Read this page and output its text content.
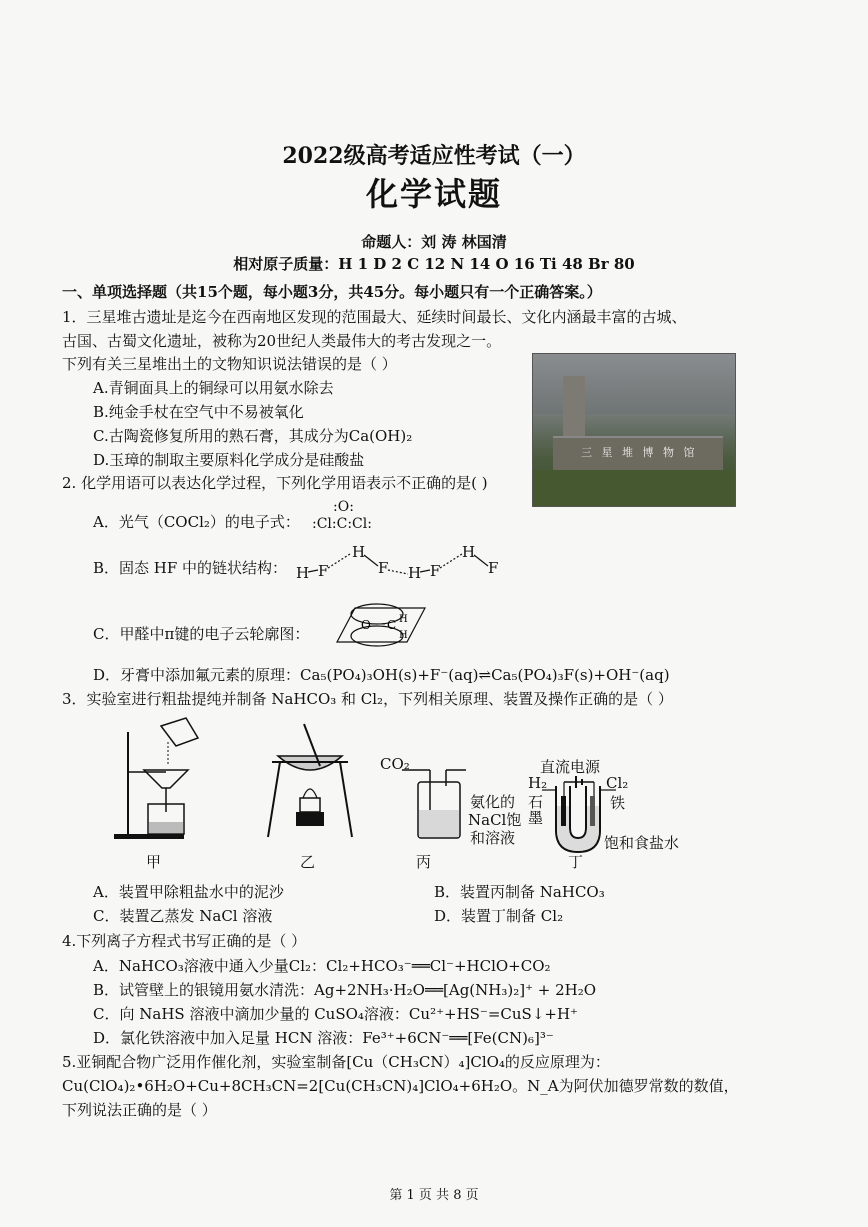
2022级高考适应性考试（一）
化学试题
命题人：刘 涛 林国清
相对原子质量：H 1 D 2 C 12 N 14 O 16 Ti 48 Br 80
一、单项选择题（共15个题，每小题3分，共45分。每小题只有一个正确答案。）
1．三星堆古遗址是迄今在西南地区发现的范围最大、延续时间最长、文化内涵最丰富的古城、
古国、古蜀文化遗址，被称为20世纪人类最伟大的考古发现之一。
下列有关三星堆出土的文物知识说法错误的是（ ）
A.青铜面具上的铜绿可以用氨水除去
B.纯金手杖在空气中不易被氧化
C.古陶瓷修复所用的熟石膏，其成分为Ca(OH)₂
D.玉璋的制取主要原料化学成分是硅酸盐	三 星 堆 博 物 馆
2. 化学用语可以表达化学过程，下列化学用语表示不正确的是( )
A．光气（COCl₂）的电子式：
:O:
:Cl:C:Cl:
B．固态 HF 中的链状结构： H F
H
F H F
H
F
C．甲醛中π键的电子云轮廓图：	O C H
H
D．牙膏中添加氟元素的原理：Ca₅(PO₄)₃OH(s)+F⁻(aq)⇌Ca₅(PO₄)₃F(s)+OH⁻(aq)
3．实验室进行粗盐提纯并制备 NaHCO₃ 和 Cl₂，下列相关原理、装置及操作正确的是（ ）
甲	乙
CO₂
氨化的
NaCl饱
和溶液
丙
直流电源
H₂	Cl₂
石
墨
铁
饱和食盐水
丁
A．装置甲除粗盐水中的泥沙	B．装置丙制备 NaHCO₃
C．装置乙蒸发 NaCl 溶液	D．装置丁制备 Cl₂
4.下列离子方程式书写正确的是（ ）
A．NaHCO₃溶液中通入少量Cl₂：Cl₂+HCO₃⁻══Cl⁻+HClO+CO₂
B．试管壁上的银镜用氨水清洗：Ag+2NH₃·H₂O══[Ag(NH₃)₂]⁺ + 2H₂O
C．向 NaHS 溶液中滴加少量的 CuSO₄溶液：Cu²⁺+HS⁻=CuS↓+H⁺
D．氯化铁溶液中加入足量 HCN 溶液：Fe³⁺+6CN⁻══[Fe(CN)₆]³⁻
5.亚铜配合物广泛用作催化剂，实验室制备[Cu（CH₃CN）₄]ClO₄的反应原理为：
Cu(ClO₄)₂•6H₂O+Cu+8CH₃CN=2[Cu(CH₃CN)₄]ClO₄+6H₂O。N_A为阿伏加德罗常数的数值，
下列说法正确的是（ ）
第 1 页 共 8 页
